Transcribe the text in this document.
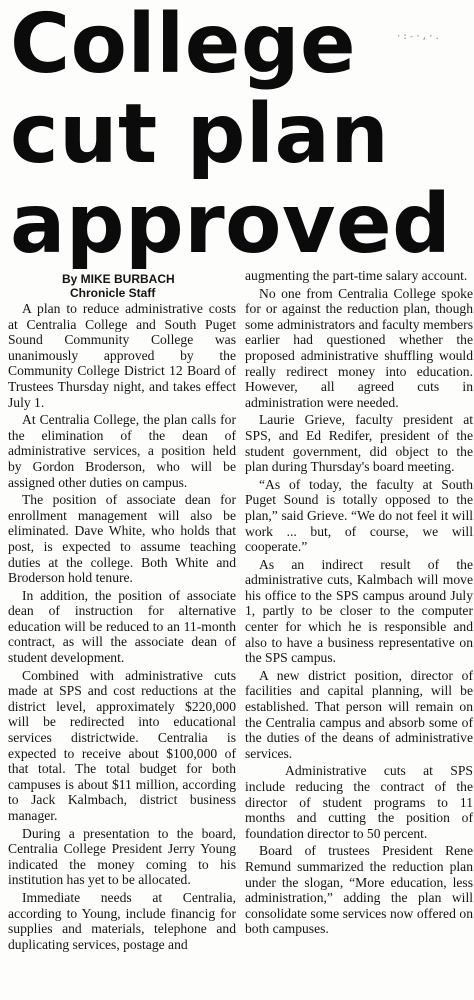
·:-·,·.
College
cut plan
approved
By MIKE BURBACH
Chronicle Staff

A plan to reduce administrative costs at Centralia College and South Puget Sound Community College was unanimously approved by the Community College District 12 Board of Trustees Thursday night, and takes effect July 1.

At Centralia College, the plan calls for the elimination of the dean of administrative services, a position held by Gordon Broderson, who will be assigned other duties on campus.

The position of associate dean for enrollment management will also be eliminated. Dave White, who holds that post, is expected to assume teaching duties at the college. Both White and Broderson hold tenure.

In addition, the position of associate dean of instruction for alternative education will be reduced to an 11-month contract, as will the associate dean of student development.

Combined with administrative cuts made at SPS and cost reductions at the district level, approximately $220,000 will be redirected into educational services districtwide. Centralia is expected to receive about $100,000 of that total. The total budget for both campuses is about $11 million, according to Jack Kalmbach, district business manager.

During a presentation to the board, Centralia College President Jerry Young indicated the money coming to his institution has yet to be allocated.

Immediate needs at Centralia, according to Young, include financig for supplies and materials, telephone and duplicating services, postage and

augmenting the part-time salary account.

No one from Centralia College spoke for or against the reduction plan, though some administrators and faculty members earlier had questioned whether the proposed administrative shuffling would really redirect money into education. However, all agreed cuts in administration were needed.

Laurie Grieve, faculty president at SPS, and Ed Redifer, president of the student government, did object to the plan during Thursday's board meeting.

“As of today, the faculty at South Puget Sound is totally opposed to the plan,” said Grieve. “We do not feel it will work ... but, of course, we will cooperate.”

As an indirect result of the administrative cuts, Kalmbach will move his office to the SPS campus around July 1, partly to be closer to the computer center for which he is responsible and also to have a business representative on the SPS campus.

A new district position, director of facilities and capital planning, will be established. That person will remain on the Centralia campus and absorb some of the duties of the deans of administrative services.

Administrative cuts at SPS include reducing the contract of the director of student programs to 11 months and cutting the position of foundation director to 50 percent.

Board of trustees President Rene Remund summarized the reduction plan under the slogan, “More education, less administration,” adding the plan will consolidate some services now offered on both campuses.
